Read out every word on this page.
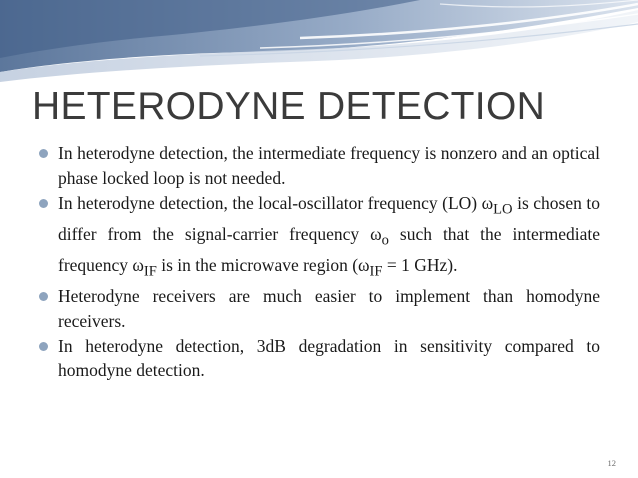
HETERODYNE DETECTION
In heterodyne detection, the intermediate frequency is nonzero and an optical phase locked loop is not needed.
In heterodyne detection, the local-oscillator frequency (LO) $\omega_{LO}$ is chosen to differ from the signal-carrier frequency $\omega_o$ such that the intermediate frequency $\omega_{IF}$ is in the microwave region ($\omega_{IF} = 1$ GHz).
Heterodyne receivers are much easier to implement than homodyne receivers.
In heterodyne detection, 3dB degradation in sensitivity compared to homodyne detection.
12
